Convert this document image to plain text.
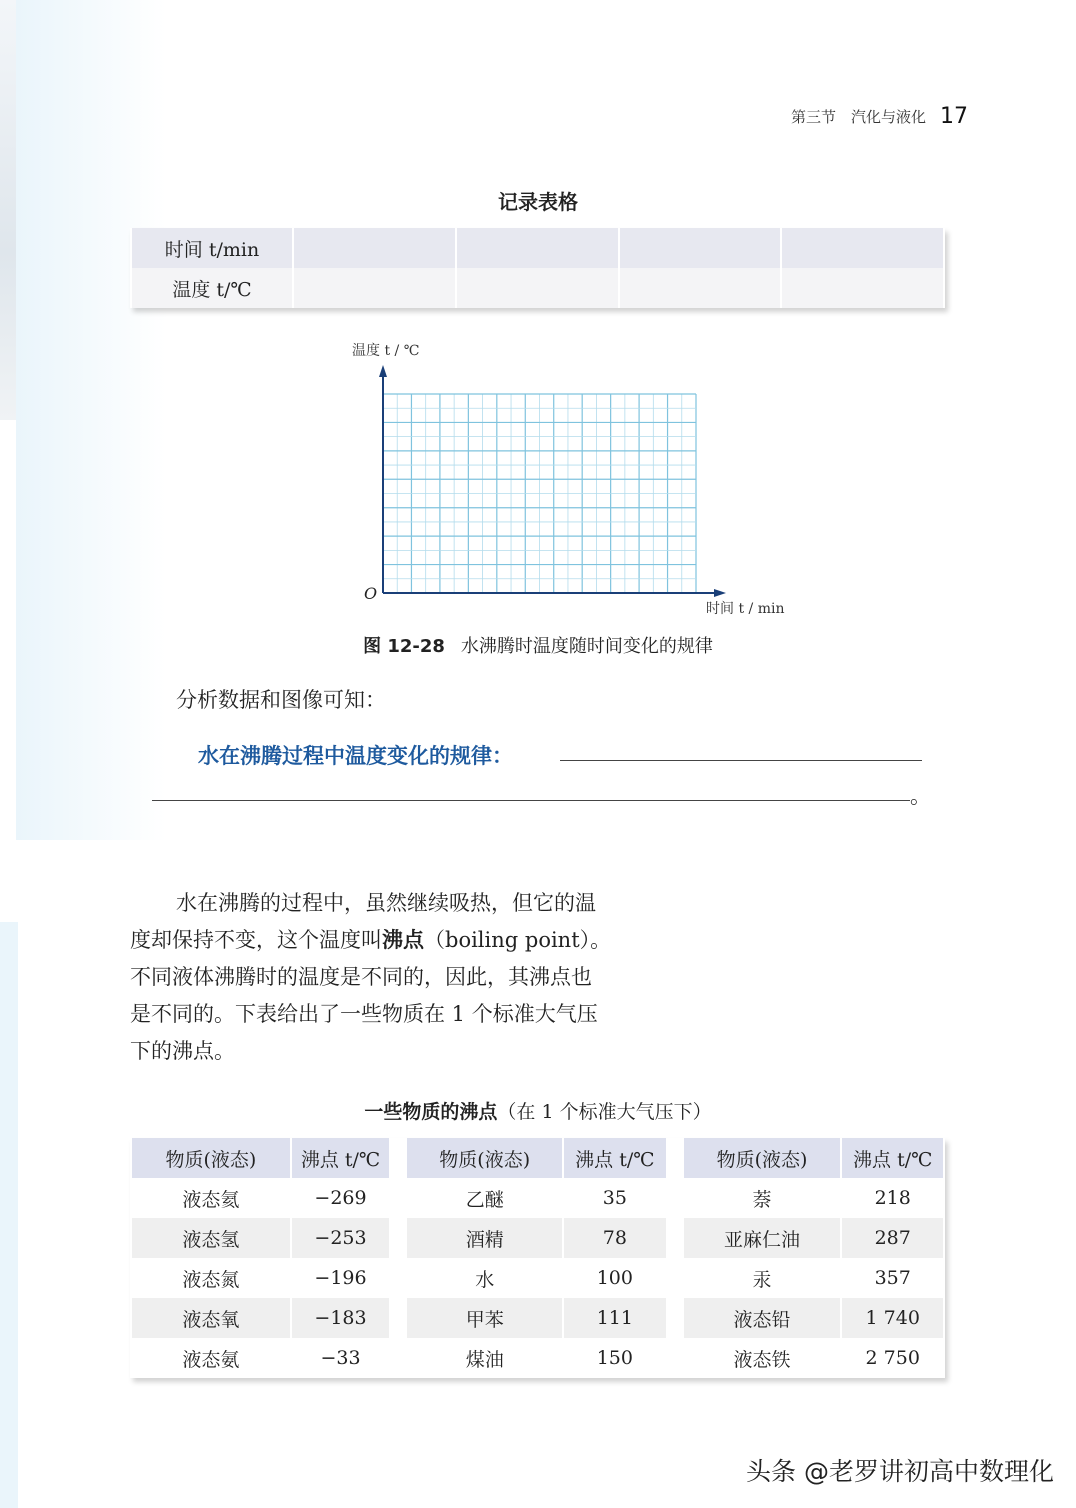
第三节　汽化与液化 17
记录表格
时间 t/min				
温度 t/℃				
温度 t / ℃
时间 t / min
O
图 12-28 水沸腾时温度随时间变化的规律
分析数据和图像可知：
水在沸腾过程中温度变化的规律：
。
水在沸腾的过程中，虽然继续吸热，但它的温
度却保持不变，这个温度叫沸点（boiling point）。
不同液体沸腾时的温度是不同的，因此，其沸点也
是不同的。下表给出了一些物质在 1 个标准大气压
下的沸点。
一些物质的沸点（在 1 个标准大气压下）
物质(液态)	沸点 t/℃		物质(液态)	沸点 t/℃		物质(液态)	沸点 t/℃
液态氦	−269		乙醚	35		萘	218
液态氢	−253		酒精	78		亚麻仁油	287
液态氮	−196		水	100		汞	357
液态氧	−183		甲苯	111		液态铅	1 740
液态氨	−33		煤油	150		液态铁	2 750
头条 @老罗讲初高中数理化
